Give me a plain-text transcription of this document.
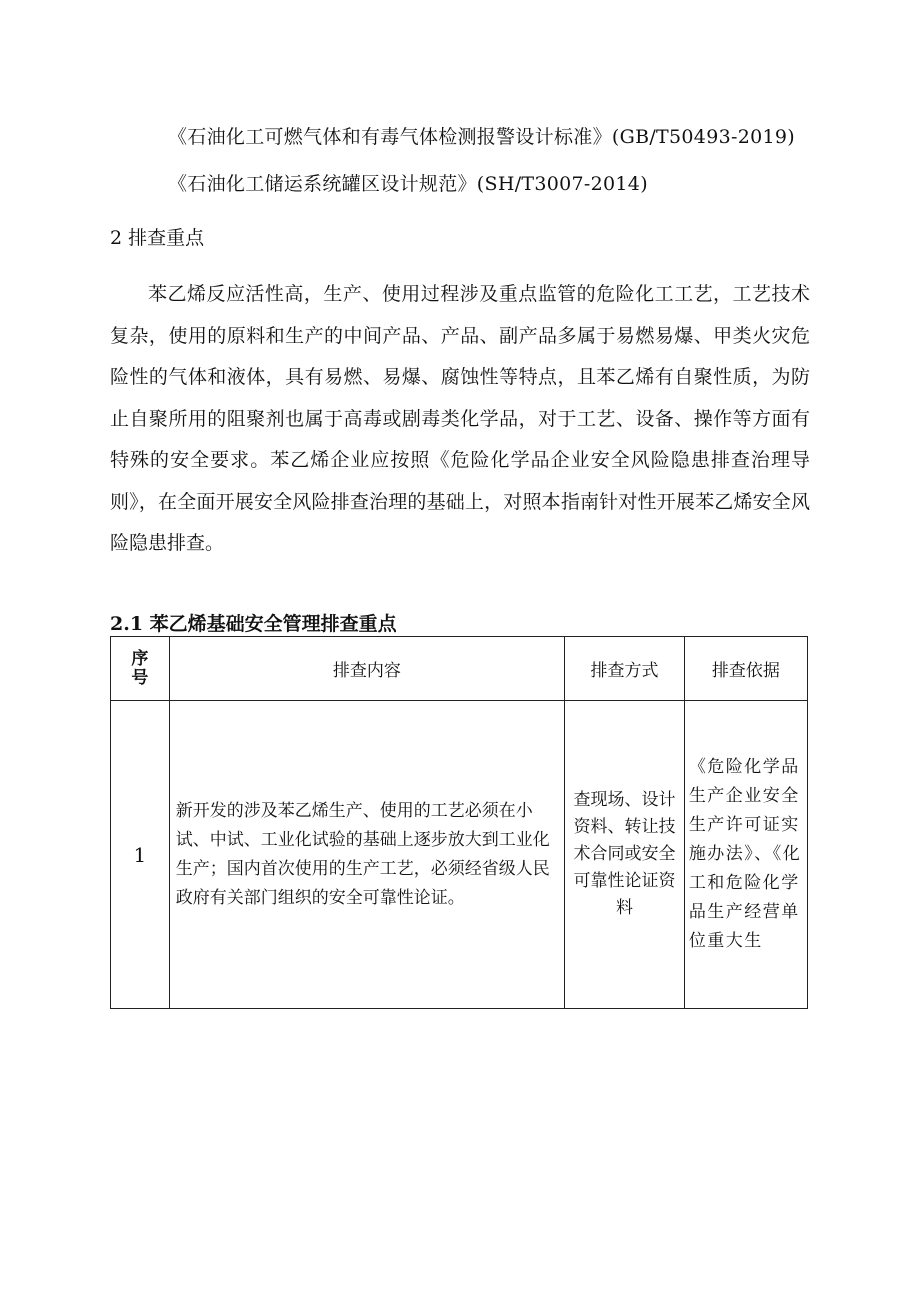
《石油化工可燃气体和有毒气体检测报警设计标准》(GB/T50493-2019)
《石油化工储运系统罐区设计规范》(SH/T3007-2014)
2 排查重点
苯乙烯反应活性高，生产、使用过程涉及重点监管的危险化工工艺，工艺技术复杂，使用的原料和生产的中间产品、产品、副产品多属于易燃易爆、甲类火灾危险性的气体和液体，具有易燃、易爆、腐蚀性等特点，且苯乙烯有自聚性质，为防止自聚所用的阻聚剂也属于高毒或剧毒类化学品，对于工艺、设备、操作等方面有特殊的安全要求。苯乙烯企业应按照《危险化学品企业安全风险隐患排查治理导则》，在全面开展安全风险排查治理的基础上，对照本指南针对性开展苯乙烯安全风险隐患排查。
2.1 苯乙烯基础安全管理排查重点
序号	排查内容	排查方式	排查依据
1	新开发的涉及苯乙烯生产、使用的工艺必须在小试、中试、工业化试验的基础上逐步放大到工业化生产；国内首次使用的生产工艺，必须经省级人民政府有关部门组织的安全可靠性论证。	查现场、设计资料、转让技术合同或安全可靠性论证资料	《危险化学品生产企业安全生产许可证实施办法》、《化工和危险化学品生产经营单位重大生
